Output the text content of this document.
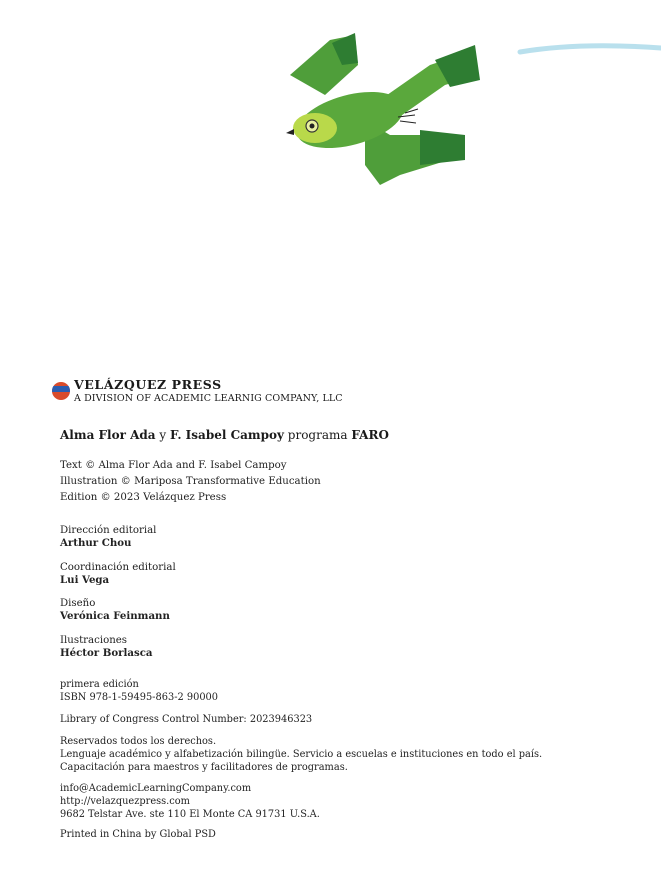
VELÁZQUEZ PRESS
A DIVISION OF ACADEMIC LEARNIG COMPANY, LLC
Alma Flor Ada y F. Isabel Campoy programa FARO

Text © Alma Flor Ada and F. Isabel Campoy

Illustration © Mariposa Transformative Education

Edition © 2023 Velázquez Press

Dirección editorial

Arthur Chou

Coordinación editorial

Lui Vega

Diseño

Verónica Feinmann

Ilustraciones

Héctor Borlasca

primera edición

ISBN 978-1-59495-863-2 90000

Library of Congress Control Number: 2023946323

Reservados todos los derechos.

Lenguaje académico y alfabetización bilingüe. Servicio a escuelas e instituciones en todo el país.

Capacitación para maestros y facilitadores de programas.

info@AcademicLearningCompany.com

http://velazquezpress.com

9682 Telstar Ave. ste 110 El Monte CA 91731 U.S.A.

Printed in China by Global PSD
